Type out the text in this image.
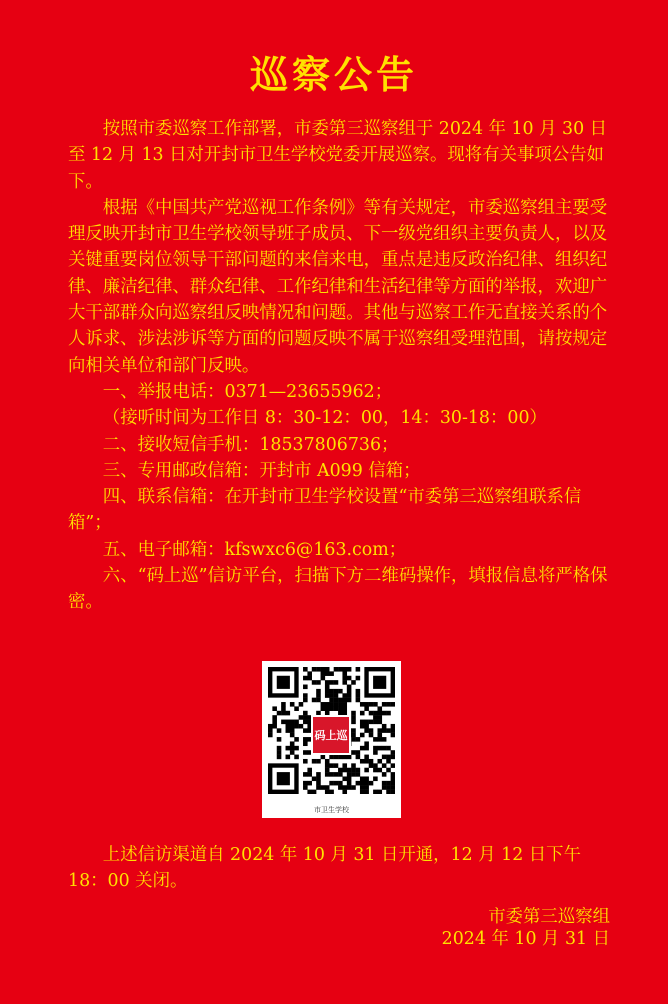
巡察公告

按照市委巡察工作部署，市委第三巡察组于 2024 年 10 月 30 日至 12 月 13 日对开封市卫生学校党委开展巡察。现将有关事项公告如下。

根据《中国共产党巡视工作条例》等有关规定，市委巡察组主要受理反映开封市卫生学校领导班子成员、下一级党组织主要负责人，以及关键重要岗位领导干部问题的来信来电，重点是违反政治纪律、组织纪律、廉洁纪律、群众纪律、工作纪律和生活纪律等方面的举报，欢迎广大干部群众向巡察组反映情况和问题。其他与巡察工作无直接关系的个人诉求、涉法涉诉等方面的问题反映不属于巡察组受理范围，请按规定向相关单位和部门反映。

一、举报电话：0371—23655962；

（接听时间为工作日 8：30-12：00，14：30-18：00）

二、接收短信手机：18537806736；

三、专用邮政信箱：开封市 A099 信箱；

四、联系信箱：在开封市卫生学校设置“市委第三巡察组联系信箱”；

五、电子邮箱：kfswxc6@163.com；

六、“码上巡”信访平台，扫描下方二维码操作，填报信息将严格保密。

码上巡
市卫生学校

上述信访渠道自 2024 年 10 月 31 日开通，12 月 12 日下午 18：00 关闭。

市委第三巡察组
2024 年 10 月 31 日
